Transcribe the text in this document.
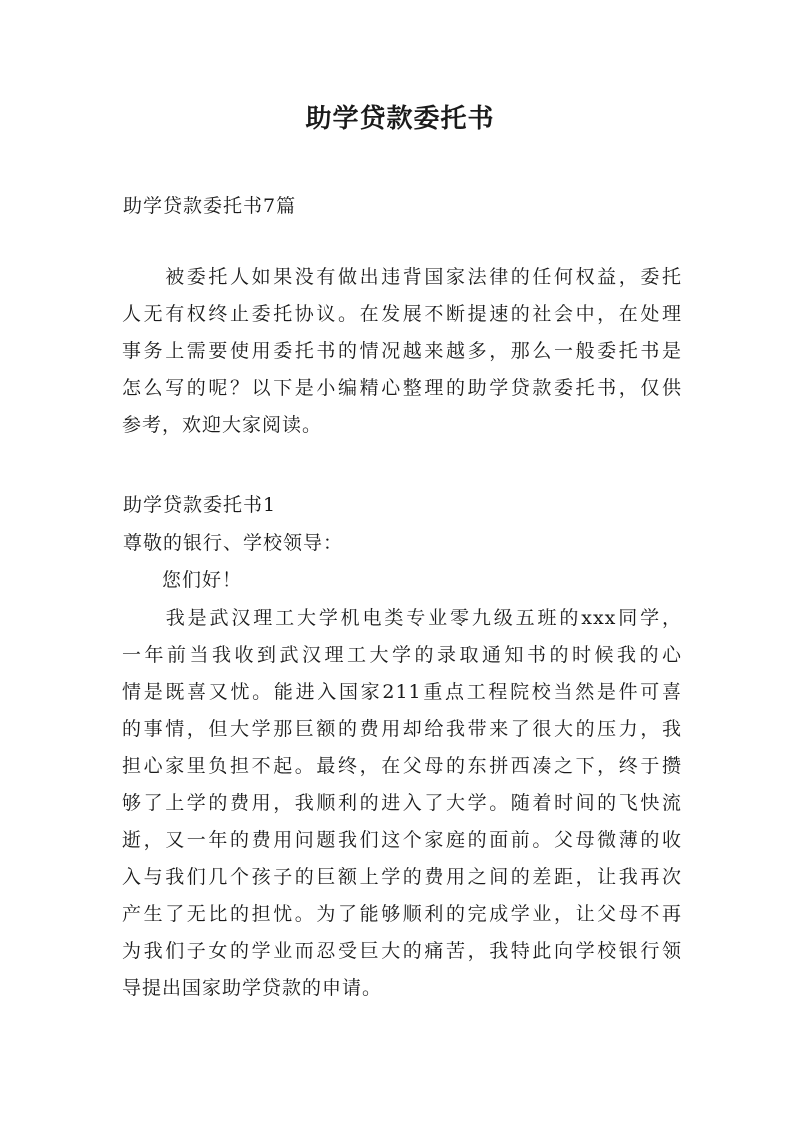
助学贷款委托书
助学贷款委托书7篇

　　被委托人如果没有做出违背国家法律的任何权益，委托
人无有权终止委托协议。在发展不断提速的社会中，在处理
事务上需要使用委托书的情况越来越多，那么一般委托书是
怎么写的呢？以下是小编精心整理的助学贷款委托书，仅供
参考，欢迎大家阅读。

助学贷款委托书1
尊敬的银行、学校领导：
您们好！

　　我是武汉理工大学机电类专业零九级五班的xxx同学，
一年前当我收到武汉理工大学的录取通知书的时候我的心
情是既喜又忧。能进入国家211重点工程院校当然是件可喜
的事情，但大学那巨额的费用却给我带来了很大的压力，我
担心家里负担不起。最终，在父母的东拼西凑之下，终于攒
够了上学的费用，我顺利的进入了大学。随着时间的飞快流
逝，又一年的费用问题我们这个家庭的面前。父母微薄的收
入与我们几个孩子的巨额上学的费用之间的差距，让我再次
产生了无比的担忧。为了能够顺利的完成学业，让父母不再
为我们子女的学业而忍受巨大的痛苦，我特此向学校银行领
导提出国家助学贷款的申请。
